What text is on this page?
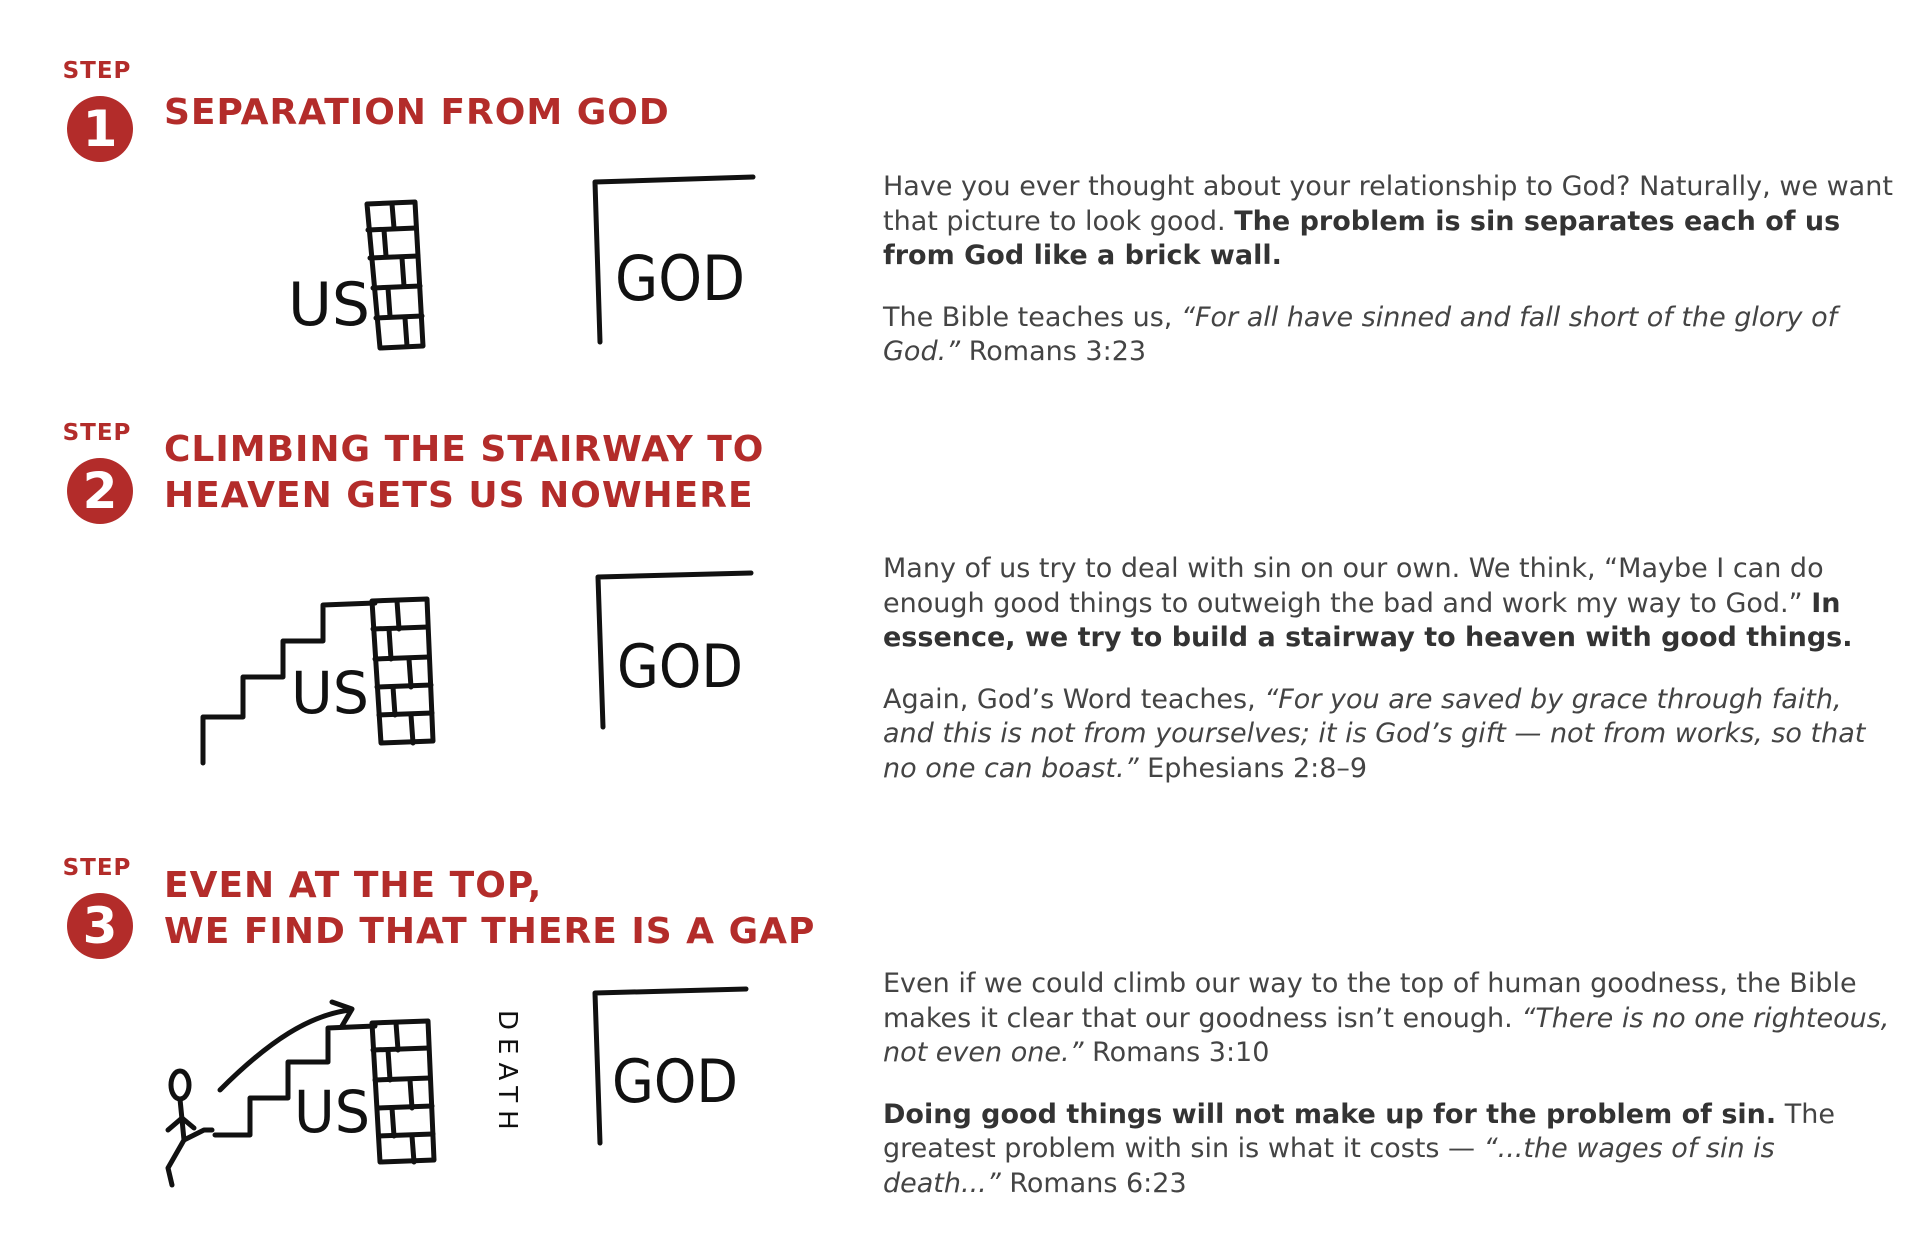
STEP
1	SEPARATION FROM GOD
US	GOD

Have you ever thought about your relationship to God? Naturally, we want that picture to look good. The problem is sin separates each of us from God like a brick wall.

The Bible teaches us, “For all have sinned and fall short of the glory of God.” Romans 3:23

STEP
2
CLIMBING THE STAIRWAY TO
HEAVEN GETS US NOWHERE
US	GOD

Many of us try to deal with sin on our own. We think, “Maybe I can do enough good things to outweigh the bad and work my way to God.” In essence, we try to build a stairway to heaven with good things.

Again, God’s Word teaches, “For you are saved by grace through faith, and this is not from yourselves; it is God’s gift — not from works, so that no one can boast.” Ephesians 2:8–9

STEP
3
EVEN AT THE TOP,
WE FIND THAT THERE IS A GAP
US	DEATH GOD

Even if we could climb our way to the top of human goodness, the Bible makes it clear that our goodness isn’t enough. “There is no one righteous, not even one.” Romans 3:10

Doing good things will not make up for the problem of sin. The greatest problem with sin is what it costs — “...the wages of sin is death...” Romans 6:23
